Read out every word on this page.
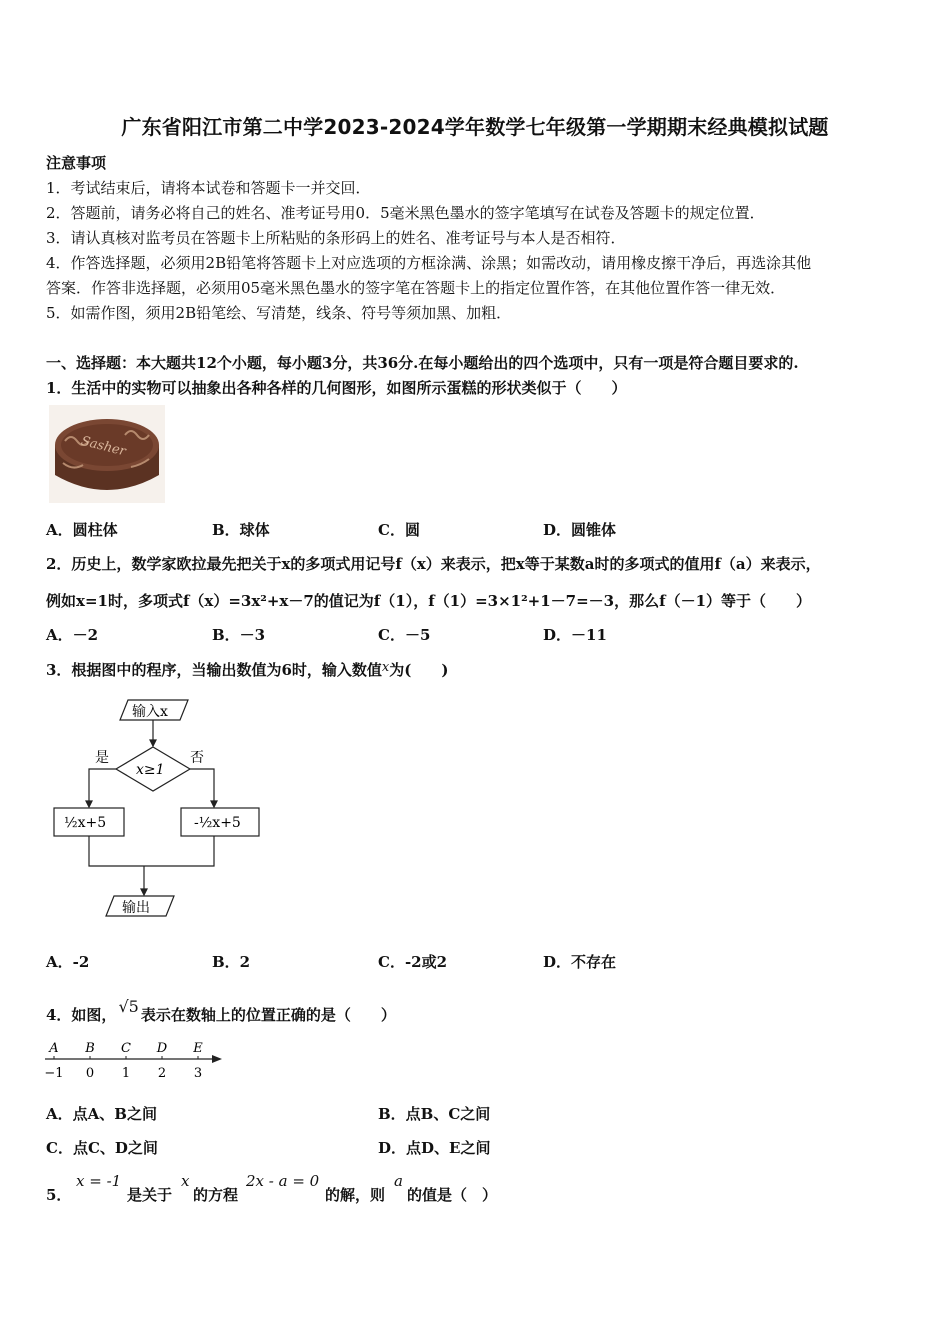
广东省阳江市第二中学2023-2024学年数学七年级第一学期期末经典模拟试题
注意事项
1．考试结束后，请将本试卷和答题卡一并交回．
2．答题前，请务必将自己的姓名、准考证号用0．5毫米黑色墨水的签字笔填写在试卷及答题卡的规定位置．
3．请认真核对监考员在答题卡上所粘贴的条形码上的姓名、准考证号与本人是否相符．
4．作答选择题，必须用2B铅笔将答题卡上对应选项的方框涂满、涂黑；如需改动，请用橡皮擦干净后，再选涂其他
答案．作答非选择题，必须用05毫米黑色墨水的签字笔在答题卡上的指定位置作答，在其他位置作答一律无效．
5．如需作图，须用2B铅笔绘、写清楚，线条、符号等须加黑、加粗．
一、选择题：本大题共12个小题，每小题3分，共36分.在每小题给出的四个选项中，只有一项是符合题目要求的.
1．生活中的实物可以抽象出各种各样的几何图形，如图所示蛋糕的形状类似于（　　）
Sasher
A．圆柱体	B．球体	C．圆	D．圆锥体
2．历史上，数学家欧拉最先把关于x的多项式用记号f（x）来表示，把x等于某数a时的多项式的值用f（a）来表示，
例如x=1时，多项式f（x）=3x²+x－7的值记为f（1），f（1）=3×1²+1－7=－3，那么f（－1）等于（　　）
A．－2	B．－3	C．－5	D．－11
3．根据图中的程序，当输出数值为6时，输入数值x为(　　)
输入x
x≥1
是	否
½x+5	-½x+5
输出
A．-2	B．2	C．-2或2	D．不存在
4．如图， √5 表示在数轴上的位置正确的是（　　）
A
−1
B
0
C
1
D
2
E
3
A．点A、B之间	B．点B、C之间
C．点C、D之间	D．点D、E之间
5．
x = -1
是关于
x
的方程
2x - a = 0
的解，则
a
的值是（　）
